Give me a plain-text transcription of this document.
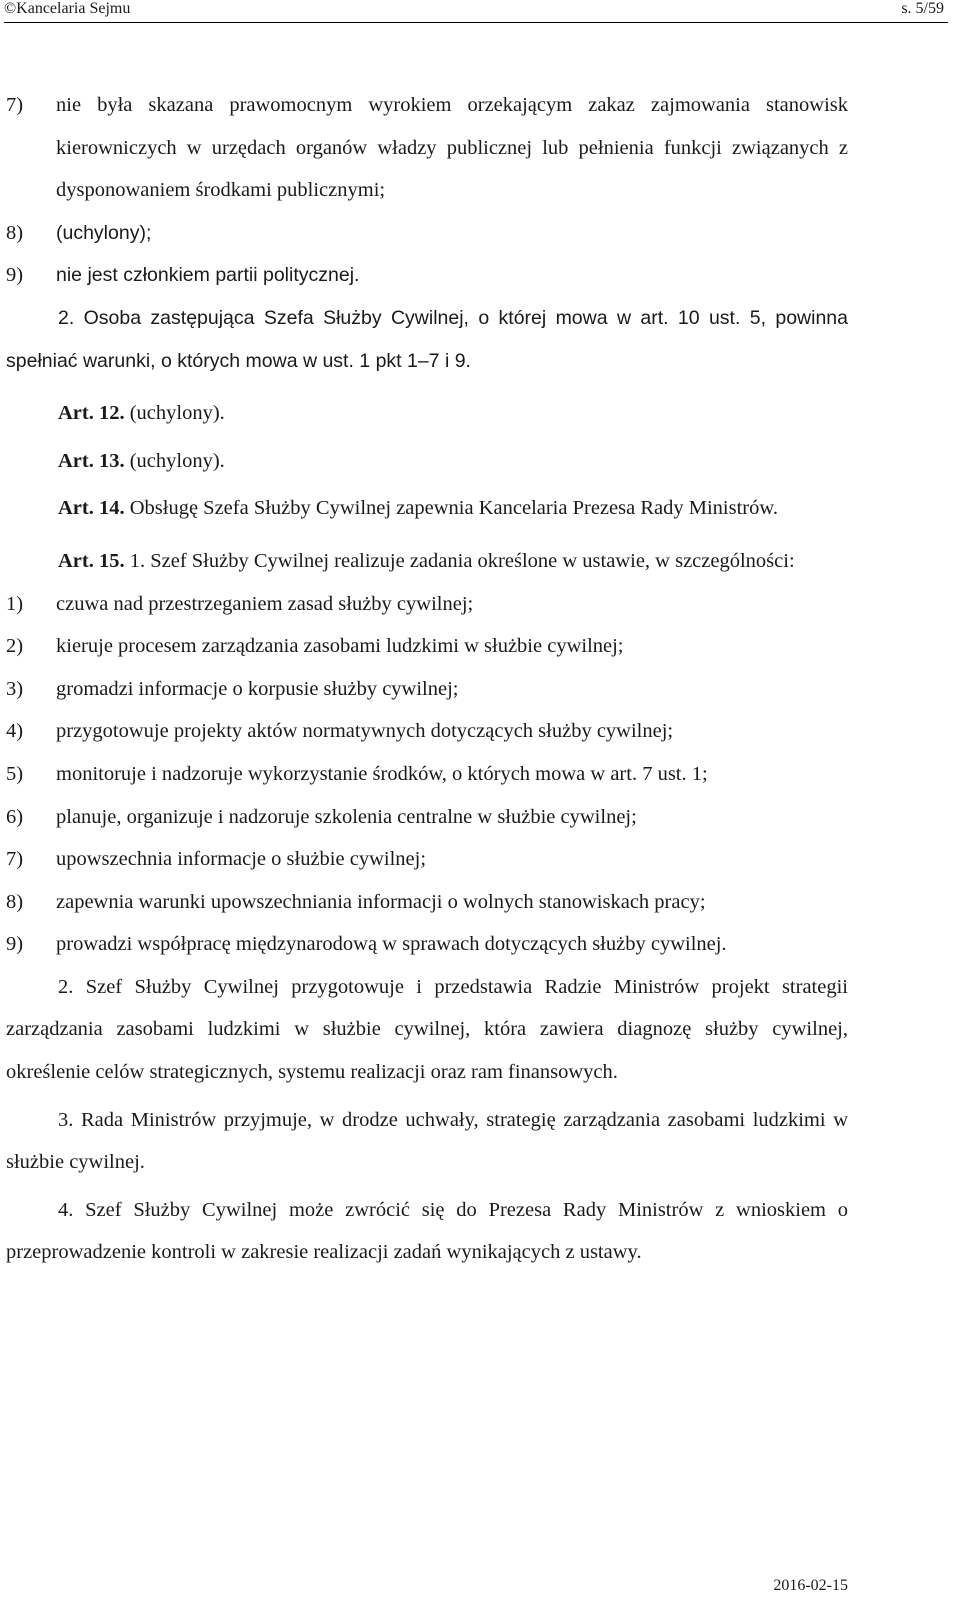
©Kancelaria Sejmu	s. 5/59
7)	nie była skazana prawomocnym wyrokiem orzekającym zakaz zajmowania stanowisk kierowniczych w urzędach organów władzy publicznej lub pełnienia funkcji związanych z dysponowaniem środkami publicznymi;
8)	(uchylony);
9)	nie jest członkiem partii politycznej.

2. Osoba zastępująca Szefa Służby Cywilnej, o której mowa w art. 10 ust. 5, powinna spełniać warunki, o których mowa w ust. 1 pkt 1–7 i 9.

Art. 12. (uchylony).

Art. 13. (uchylony).

Art. 14. Obsługę Szefa Służby Cywilnej zapewnia Kancelaria Prezesa Rady Ministrów.

Art. 15. 1. Szef Służby Cywilnej realizuje zadania określone w ustawie, w szczególności:

1)	czuwa nad przestrzeganiem zasad służby cywilnej;
2)	kieruje procesem zarządzania zasobami ludzkimi w służbie cywilnej;
3)	gromadzi informacje o korpusie służby cywilnej;
4)	przygotowuje projekty aktów normatywnych dotyczących służby cywilnej;
5)	monitoruje i nadzoruje wykorzystanie środków, o których mowa w art. 7 ust. 1;
6)	planuje, organizuje i nadzoruje szkolenia centralne w służbie cywilnej;
7)	upowszechnia informacje o służbie cywilnej;
8)	zapewnia warunki upowszechniania informacji o wolnych stanowiskach pracy;
9)	prowadzi współpracę międzynarodową w sprawach dotyczących służby cywilnej.

2. Szef Służby Cywilnej przygotowuje i przedstawia Radzie Ministrów projekt strategii zarządzania zasobami ludzkimi w służbie cywilnej, która zawiera diagnozę służby cywilnej, określenie celów strategicznych, systemu realizacji oraz ram finansowych.

3. Rada Ministrów przyjmuje, w drodze uchwały, strategię zarządzania zasobami ludzkimi w służbie cywilnej.

4. Szef Służby Cywilnej może zwrócić się do Prezesa Rady Ministrów z wnioskiem o przeprowadzenie kontroli w zakresie realizacji zadań wynikających z ustawy.

2016-02-15
